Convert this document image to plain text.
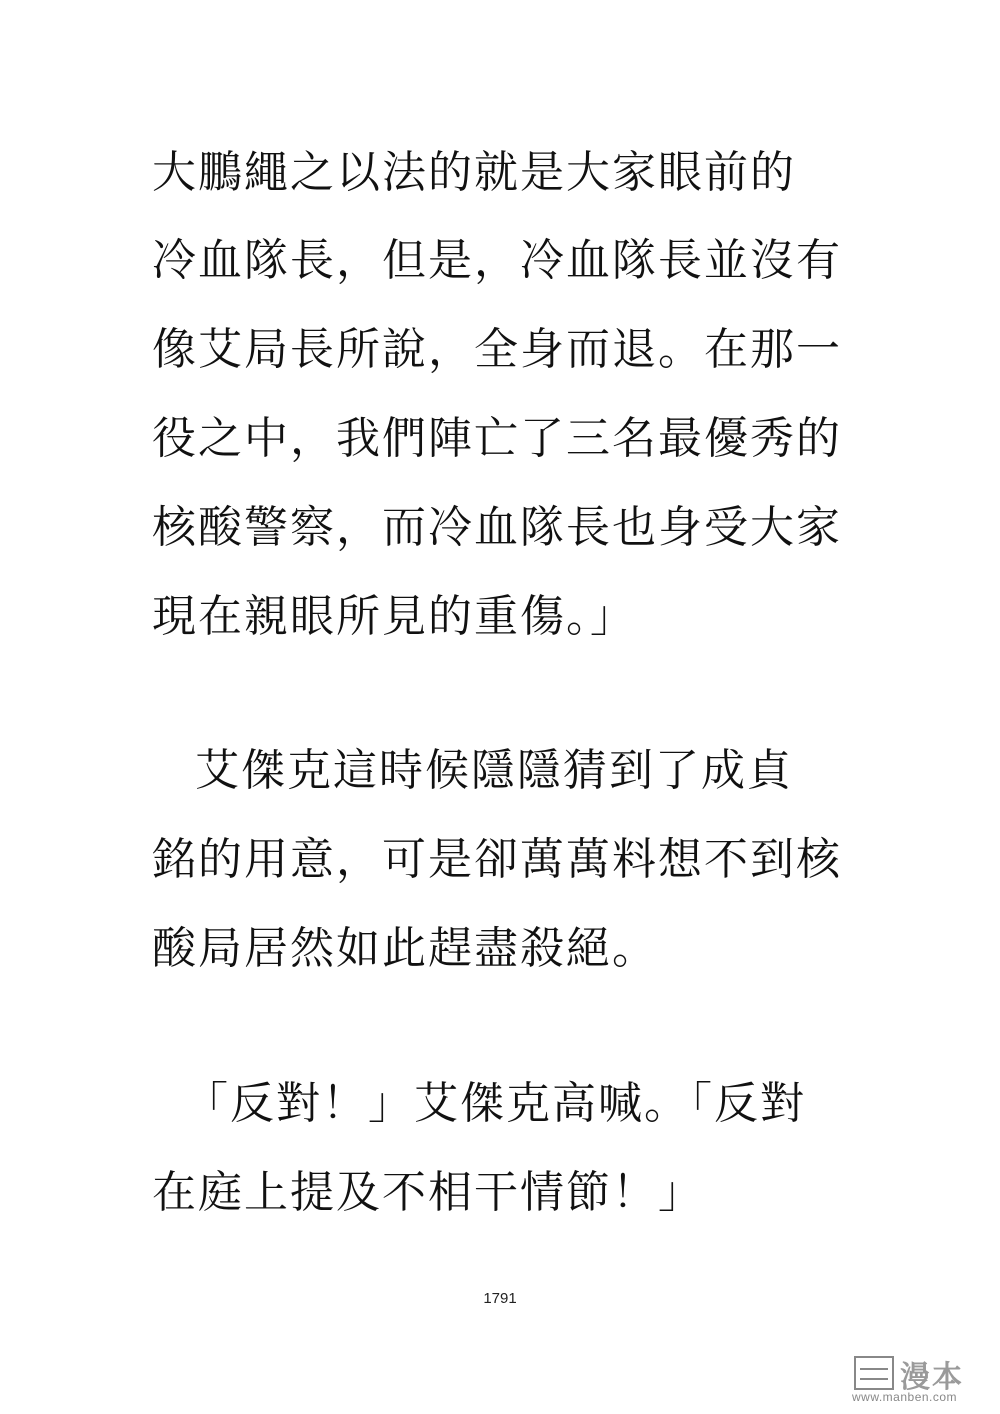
大鵬繩之以法的就是大家眼前的
冷血隊長，但是，冷血隊長並沒有
像艾局長所說，全身而退。在那一
役之中，我們陣亡了三名最優秀的
核酸警察，而冷血隊長也身受大家
現在親眼所見的重傷。」
艾傑克這時候隱隱猜到了成貞
銘的用意，可是卻萬萬料想不到核
酸局居然如此趕盡殺絕。
「反對！」艾傑克高喊。「反對
在庭上提及不相干情節！」
1791
漫本
www.manben.com
